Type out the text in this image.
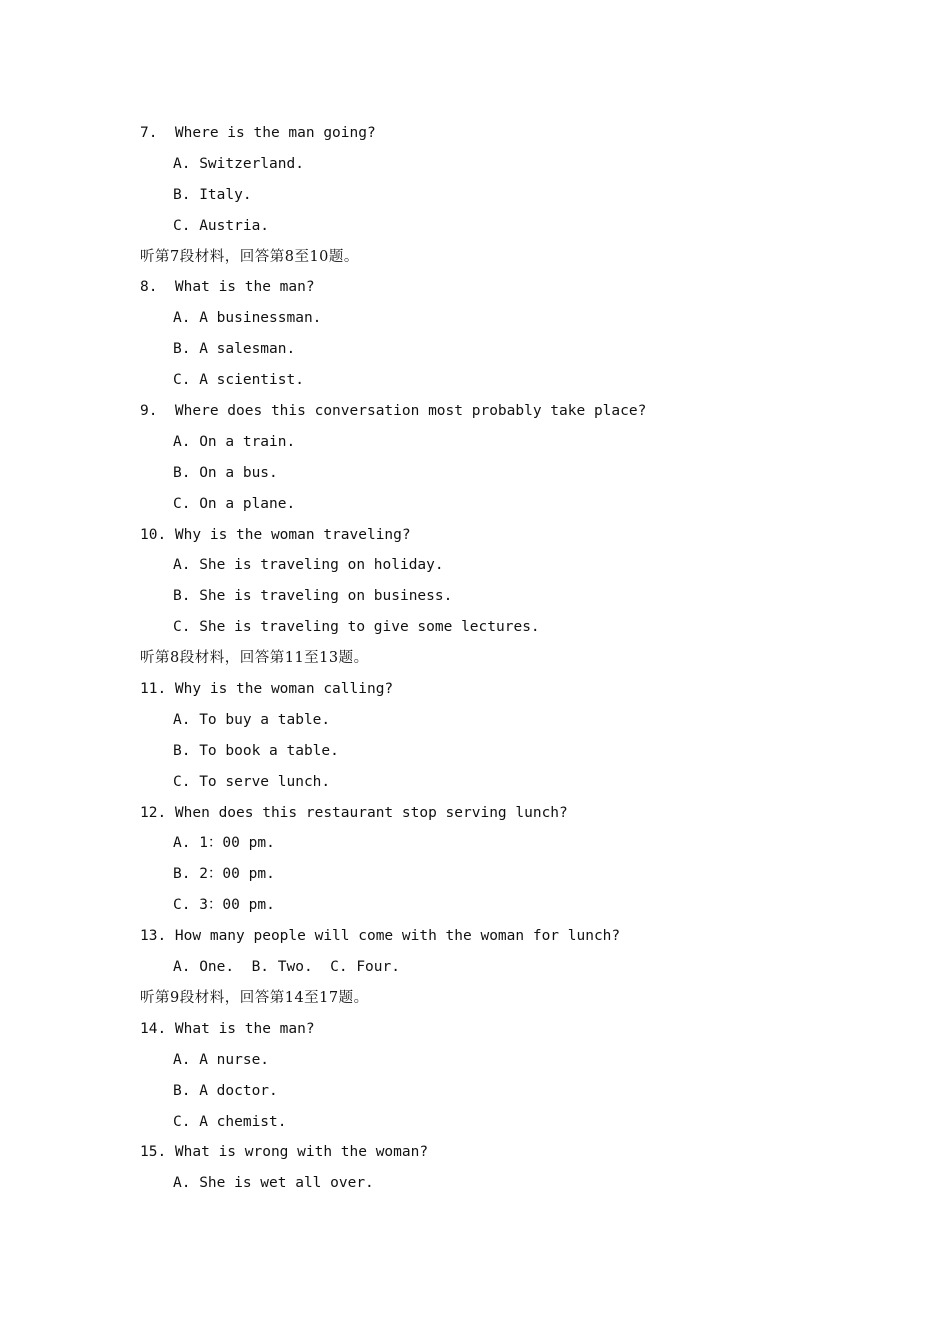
7.  Where is the man going?
A. Switzerland.
B. Italy.
C. Austria.
听第7段材料，回答第8至10题。
8.  What is the man?
A. A businessman.
B. A salesman.
C. A scientist.
9.  Where does this conversation most probably take place?
A. On a train.
B. On a bus.
C. On a plane.
10. Why is the woman traveling?
A. She is traveling on holiday.
B. She is traveling on business.
C. She is traveling to give some lectures.
听第8段材料，回答第11至13题。
11. Why is the woman calling?
A. To buy a table.
B. To book a table.
C. To serve lunch.
12. When does this restaurant stop serving lunch?
A. 1：00 pm.
B. 2：00 pm.
C. 3：00 pm.
13. How many people will come with the woman for lunch?
A. One.  B. Two.  C. Four.
听第9段材料，回答第14至17题。
14. What is the man?
A. A nurse.
B. A doctor.
C. A chemist.
15. What is wrong with the woman?
A. She is wet all over.
